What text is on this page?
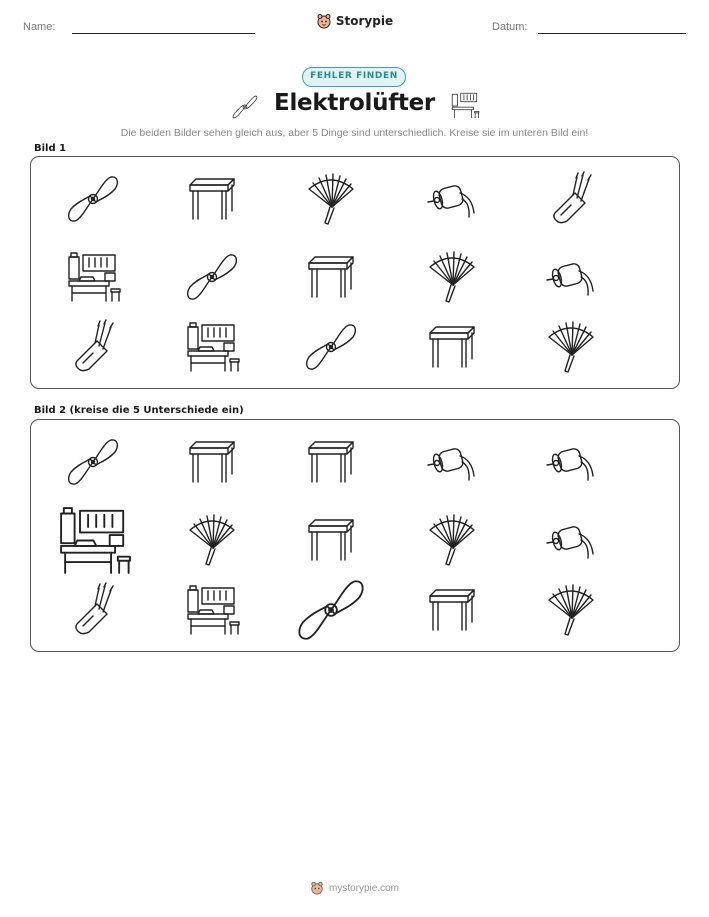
Name:	Storypie	Datum:
FEHLER FINDEN
Elektrolüfter
Die beiden Bilder sehen gleich aus, aber 5 Dinge sind unterschiedlich. Kreise sie im unteren Bild ein!
Bild 1
Bild 2 (kreise die 5 Unterschiede ein)
mystorypie.com
